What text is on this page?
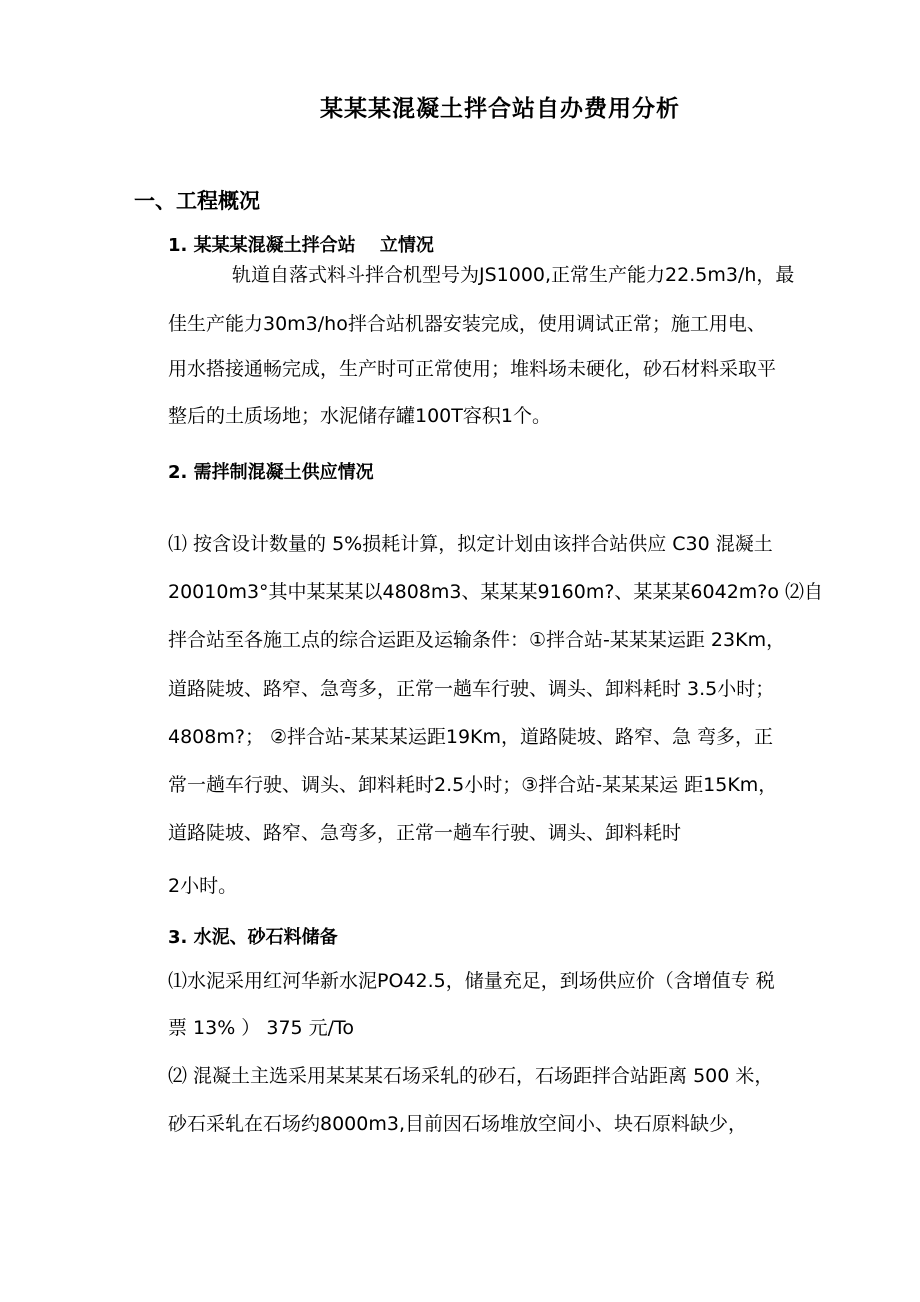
某某某混凝土拌合站自办费用分析
一、工程概况
1. 某某某混凝土拌合站　 立情况
轨道自落式料斗拌合机型号为JS1000,正常生产能力22.5m3/h，最
佳生产能力30m3/ho拌合站机器安装完成，使用调试正常；施工用电、
用水搭接通畅完成，生产时可正常使用；堆料场未硬化，砂石材料采取平
整后的土质场地；水泥储存罐100T容积1个。
2. 需拌制混凝土供应情况
⑴ 按含设计数量的 5%损耗计算，拟定计划由该拌合站供应 C30 混凝土
20010m3°其中某某某以4808m3、某某某9160m?、某某某6042m?o ⑵自
拌合站至各施工点的综合运距及运输条件：①拌合站-某某某运距 23Km，
道路陡坡、路窄、急弯多，正常一趟车行驶、调头、卸料耗时 3.5小时；
4808m?； ②拌合站-某某某运距19Km，道路陡坡、路窄、急 弯多，正
常一趟车行驶、调头、卸料耗时2.5小时；③拌合站-某某某运 距15Km，
道路陡坡、路窄、急弯多，正常一趟车行驶、调头、卸料耗时
2小时。
3. 水泥、砂石料储备
⑴水泥采用红河华新水泥PO42.5，储量充足，到场供应价（含增值专 税
票 13% ） 375 元/To
⑵ 混凝土主选采用某某某石场采轧的砂石，石场距拌合站距离 500 米，
砂石采轧在石场约8000m3,目前因石场堆放空间小、块石原料缺少，
